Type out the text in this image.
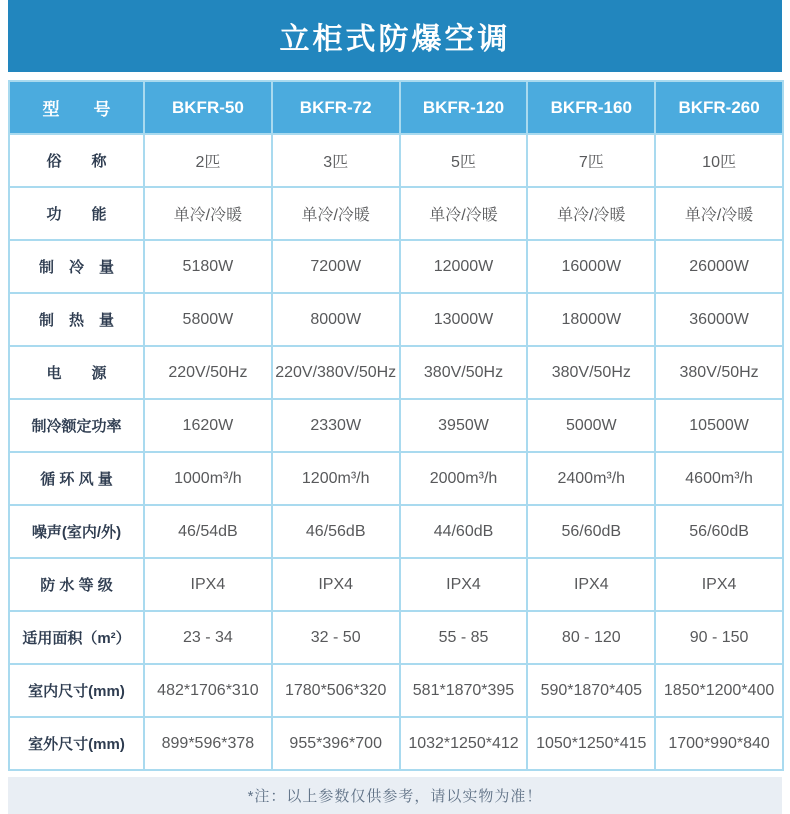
立柜式防爆空调
型　　号	BKFR-50	BKFR-72	BKFR-120	BKFR-160	BKFR-260
俗　　称	2匹	3匹	5匹	7匹	10匹
功　　能	单冷/冷暖	单冷/冷暖	单冷/冷暖	单冷/冷暖	单冷/冷暖
制　冷　量	5180W	7200W	12000W	16000W	26000W
制　热　量	5800W	8000W	13000W	18000W	36000W
电　　源	220V/50Hz	220V/380V/50Hz	380V/50Hz	380V/50Hz	380V/50Hz
制冷额定功率	1620W	2330W	3950W	5000W	10500W
循 环 风 量	1000m³/h	1200m³/h	2000m³/h	2400m³/h	4600m³/h
噪声(室内/外)	46/54dB	46/56dB	44/60dB	56/60dB	56/60dB
防 水 等 级	IPX4	IPX4	IPX4	IPX4	IPX4
适用面积（m²）	23 - 34	32 - 50	55 - 85	80 - 120	90 - 150
室内尺寸(mm)	482*1706*310	1780*506*320	581*1870*395	590*1870*405	1850*1200*400
室外尺寸(mm)	899*596*378	955*396*700	1032*1250*412	1050*1250*415	1700*990*840
*注：以上参数仅供参考，请以实物为准！
